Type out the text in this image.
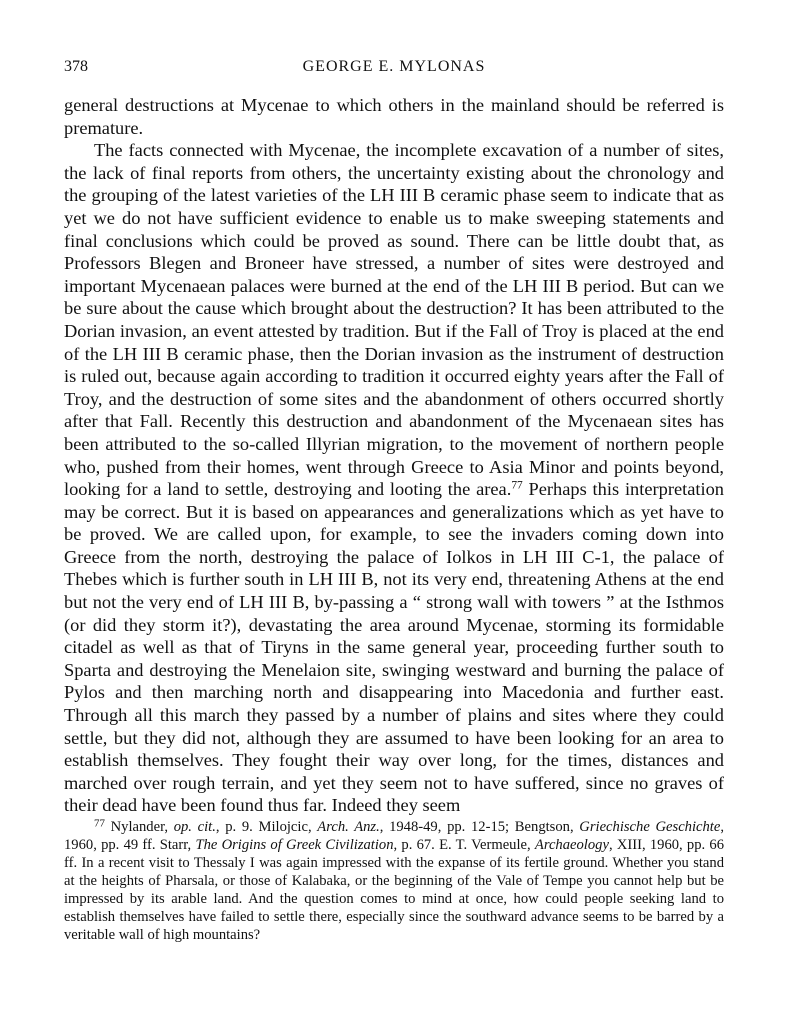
378	GEORGE E. MYLONAS

general destructions at Mycenae to which others in the mainland should be referred is premature.

The facts connected with Mycenae, the incomplete excavation of a number of sites, the lack of final reports from others, the uncertainty existing about the chronology and the grouping of the latest varieties of the LH III B ceramic phase seem to indicate that as yet we do not have sufficient evidence to enable us to make sweeping statements and final conclusions which could be proved as sound. There can be little doubt that, as Professors Blegen and Broneer have stressed, a number of sites were destroyed and important Mycenaean palaces were burned at the end of the LH III B period. But can we be sure about the cause which brought about the destruction? It has been attributed to the Dorian invasion, an event attested by tradition. But if the Fall of Troy is placed at the end of the LH III B ceramic phase, then the Dorian invasion as the instrument of destruction is ruled out, because again according to tradition it occurred eighty years after the Fall of Troy, and the destruction of some sites and the abandonment of others occurred shortly after that Fall. Recently this destruction and abandonment of the Mycenaean sites has been attributed to the so-called Illyrian migration, to the movement of northern people who, pushed from their homes, went through Greece to Asia Minor and points beyond, looking for a land to settle, destroying and looting the area.$^{77}$ Perhaps this interpretation may be correct. But it is based on appearances and generalizations which as yet have to be proved. We are called upon, for example, to see the invaders coming down into Greece from the north, destroying the palace of Iolkos in LH III C-1, the palace of Thebes which is further south in LH III B, not its very end, threatening Athens at the end but not the very end of LH III B, by-passing a “ strong wall with towers ” at the Isthmos (or did they storm it?), devastating the area around Mycenae, storming its formidable citadel as well as that of Tiryns in the same general year, proceeding further south to Sparta and destroying the Menelaion site, swinging westward and burning the palace of Pylos and then marching north and disappearing into Macedonia and further east. Through all this march they passed by a number of plains and sites where they could settle, but they did not, although they are assumed to have been looking for an area to establish themselves. They fought their way over long, for the times, distances and marched over rough terrain, and yet they seem not to have suffered, since no graves of their dead have been found thus far. Indeed they seem

$^{77}$ Nylander, op. cit., p. 9. Milojcic, Arch. Anz., 1948-49, pp. 12-15; Bengtson, Griechische Geschichte, 1960, pp. 49 ff. Starr, The Origins of Greek Civilization, p. 67. E. T. Vermeule, Archaeology, XIII, 1960, pp. 66 ff. In a recent visit to Thessaly I was again impressed with the expanse of its fertile ground. Whether you stand at the heights of Pharsala, or those of Kalabaka, or the beginning of the Vale of Tempe you cannot help but be impressed by its arable land. And the question comes to mind at once, how could people seeking land to establish themselves have failed to settle there, especially since the southward advance seems to be barred by a veritable wall of high mountains?
